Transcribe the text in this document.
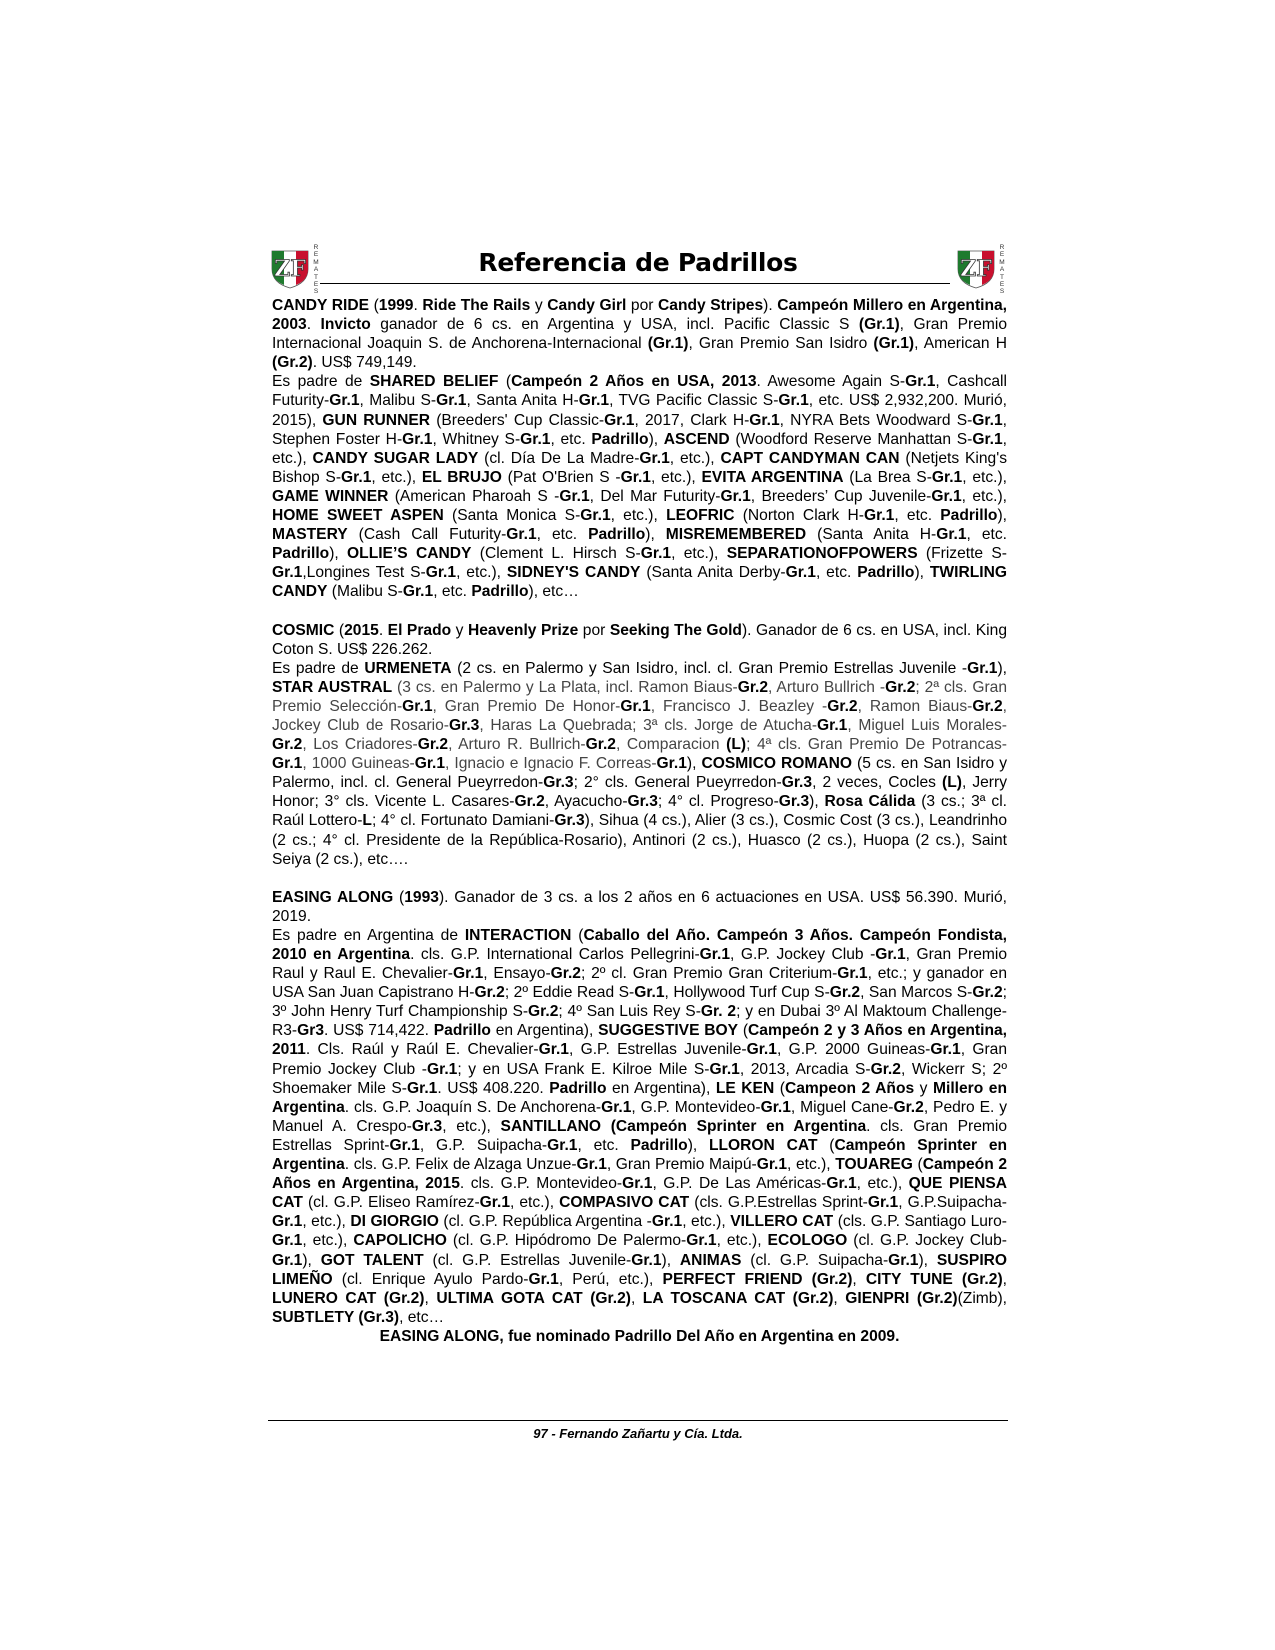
ZF
R
E
M
A
T
E
S
Referencia de Padrillos	ZF
R
E
M
A
T
E
S

CANDY RIDE (1999. Ride The Rails y Candy Girl por Candy Stripes). Campeón Millero en Argentina, 2003. Invicto ganador de 6 cs. en Argentina y USA, incl. Pacific Classic S (Gr.1), Gran Premio Internacional Joaquin S. de Anchorena-Internacional (Gr.1), Gran Premio San Isidro (Gr.1), American H (Gr.2). US$ 749,149.

Es padre de SHARED BELIEF (Campeón 2 Años en USA, 2013. Awesome Again S-Gr.1, Cashcall Futurity-Gr.1, Malibu S-Gr.1, Santa Anita H-Gr.1, TVG Pacific Classic S-Gr.1, etc. US$ 2,932,200. Murió, 2015), GUN RUNNER (Breeders' Cup Classic-Gr.1, 2017, Clark H-Gr.1, NYRA Bets Woodward S-Gr.1, Stephen Foster H-Gr.1, Whitney S-Gr.1, etc. Padrillo), ASCEND (Woodford Reserve Manhattan S-Gr.1, etc.), CANDY SUGAR LADY (cl. Día De La Madre-Gr.1, etc.), CAPT CANDYMAN CAN (Netjets King's Bishop S-Gr.1, etc.), EL BRUJO (Pat O'Brien S -Gr.1, etc.), EVITA ARGENTINA (La Brea S-Gr.1, etc.), GAME WINNER (American Pharoah S -Gr.1, Del Mar Futurity-Gr.1, Breeders’ Cup Juvenile-Gr.1, etc.), HOME SWEET ASPEN (Santa Monica S-Gr.1, etc.), LEOFRIC (Norton Clark H-Gr.1, etc. Padrillo), MASTERY (Cash Call Futurity-Gr.1, etc. Padrillo), MISREMEMBERED (Santa Anita H-Gr.1, etc. Padrillo), OLLIE’S CANDY (Clement L. Hirsch S-Gr.1, etc.), SEPARATIONOFPOWERS (Frizette S-Gr.1,Longines Test S-Gr.1, etc.), SIDNEY'S CANDY (Santa Anita Derby-Gr.1, etc. Padrillo), TWIRLING CANDY (Malibu S-Gr.1, etc. Padrillo), etc…

COSMIC (2015. El Prado y Heavenly Prize por Seeking The Gold). Ganador de 6 cs. en USA, incl. King Coton S. US$ 226.262.

Es padre de URMENETA (2 cs. en Palermo y San Isidro, incl. cl. Gran Premio Estrellas Juvenile -Gr.1), STAR AUSTRAL (3 cs. en Palermo y La Plata, incl. Ramon Biaus-Gr.2, Arturo Bullrich -Gr.2; 2ª cls. Gran Premio Selección-Gr.1, Gran Premio De Honor-Gr.1, Francisco J. Beazley -Gr.2, Ramon Biaus-Gr.2, Jockey Club de Rosario-Gr.3, Haras La Quebrada; 3ª cls. Jorge de Atucha-Gr.1, Miguel Luis Morales-Gr.2, Los Criadores-Gr.2, Arturo R. Bullrich-Gr.2, Comparacion (L); 4ª cls. Gran Premio De Potrancas-Gr.1, 1000 Guineas-Gr.1, Ignacio e Ignacio F. Correas-Gr.1), COSMICO ROMANO (5 cs. en San Isidro y Palermo, incl. cl. General Pueyrredon-Gr.3; 2° cls. General Pueyrredon-Gr.3, 2 veces, Cocles (L), Jerry Honor; 3° cls. Vicente L. Casares-Gr.2, Ayacucho-Gr.3; 4° cl. Progreso-Gr.3), Rosa Cálida (3 cs.; 3ª cl. Raúl Lottero-L; 4° cl. Fortunato Damiani-Gr.3), Sihua (4 cs.), Alier (3 cs.), Cosmic Cost (3 cs.), Leandrinho (2 cs.; 4° cl. Presidente de la República-Rosario), Antinori (2 cs.), Huasco (2 cs.), Huopa (2 cs.), Saint Seiya (2 cs.), etc….

EASING ALONG (1993). Ganador de 3 cs. a los 2 años en 6 actuaciones en USA. US$ 56.390. Murió, 2019.

Es padre en Argentina de INTERACTION (Caballo del Año. Campeón 3 Años. Campeón Fondista, 2010 en Argentina. cls. G.P. International Carlos Pellegrini-Gr.1, G.P. Jockey Club -Gr.1, Gran Premio Raul y Raul E. Chevalier-Gr.1, Ensayo-Gr.2; 2º cl. Gran Premio Gran Criterium-Gr.1, etc.; y ganador en USA San Juan Capistrano H-Gr.2; 2º Eddie Read S-Gr.1, Hollywood Turf Cup S-Gr.2, San Marcos S-Gr.2; 3º John Henry Turf Championship S-Gr.2; 4º San Luis Rey S-Gr. 2; y en Dubai 3º Al Maktoum Challenge-R3-Gr3. US$ 714,422. Padrillo en Argentina), SUGGESTIVE BOY (Campeón 2 y 3 Años en Argentina, 2011. Cls. Raúl y Raúl E. Chevalier-Gr.1, G.P. Estrellas Juvenile-Gr.1, G.P. 2000 Guineas-Gr.1, Gran Premio Jockey Club -Gr.1; y en USA Frank E. Kilroe Mile S-Gr.1, 2013, Arcadia S-Gr.2, Wickerr S; 2º Shoemaker Mile S-Gr.1. US$ 408.220. Padrillo en Argentina), LE KEN (Campeon 2 Años y Millero en Argentina. cls. G.P. Joaquín S. De Anchorena-Gr.1, G.P. Montevideo-Gr.1, Miguel Cane-Gr.2, Pedro E. y Manuel A. Crespo-Gr.3, etc.), SANTILLANO (Campeón Sprinter en Argentina. cls. Gran Premio Estrellas Sprint-Gr.1, G.P. Suipacha-Gr.1, etc. Padrillo), LLORON CAT (Campeón Sprinter en Argentina. cls. G.P. Felix de Alzaga Unzue-Gr.1, Gran Premio Maipú-Gr.1, etc.), TOUAREG (Campeón 2 Años en Argentina, 2015. cls. G.P. Montevideo-Gr.1, G.P. De Las Américas-Gr.1, etc.), QUE PIENSA CAT (cl. G.P. Eliseo Ramírez-Gr.1, etc.), COMPASIVO CAT (cls. G.P.Estrellas Sprint-Gr.1, G.P.Suipacha-Gr.1, etc.), DI GIORGIO (cl. G.P. República Argentina -Gr.1, etc.), VILLERO CAT (cls. G.P. Santiago Luro-Gr.1, etc.), CAPOLICHO (cl. G.P. Hipódromo De Palermo-Gr.1, etc.), ECOLOGO (cl. G.P. Jockey Club-Gr.1), GOT TALENT (cl. G.P. Estrellas Juvenile-Gr.1), ANIMAS (cl. G.P. Suipacha-Gr.1), SUSPIRO LIMEÑO (cl. Enrique Ayulo Pardo-Gr.1, Perú, etc.), PERFECT FRIEND (Gr.2), CITY TUNE (Gr.2), LUNERO CAT (Gr.2), ULTIMA GOTA CAT (Gr.2), LA TOSCANA CAT (Gr.2), GIENPRI (Gr.2)(Zimb), SUBTLETY (Gr.3), etc…

EASING ALONG, fue nominado Padrillo Del Año en Argentina en 2009.

97 - Fernando Zañartu y Cía. Ltda.
